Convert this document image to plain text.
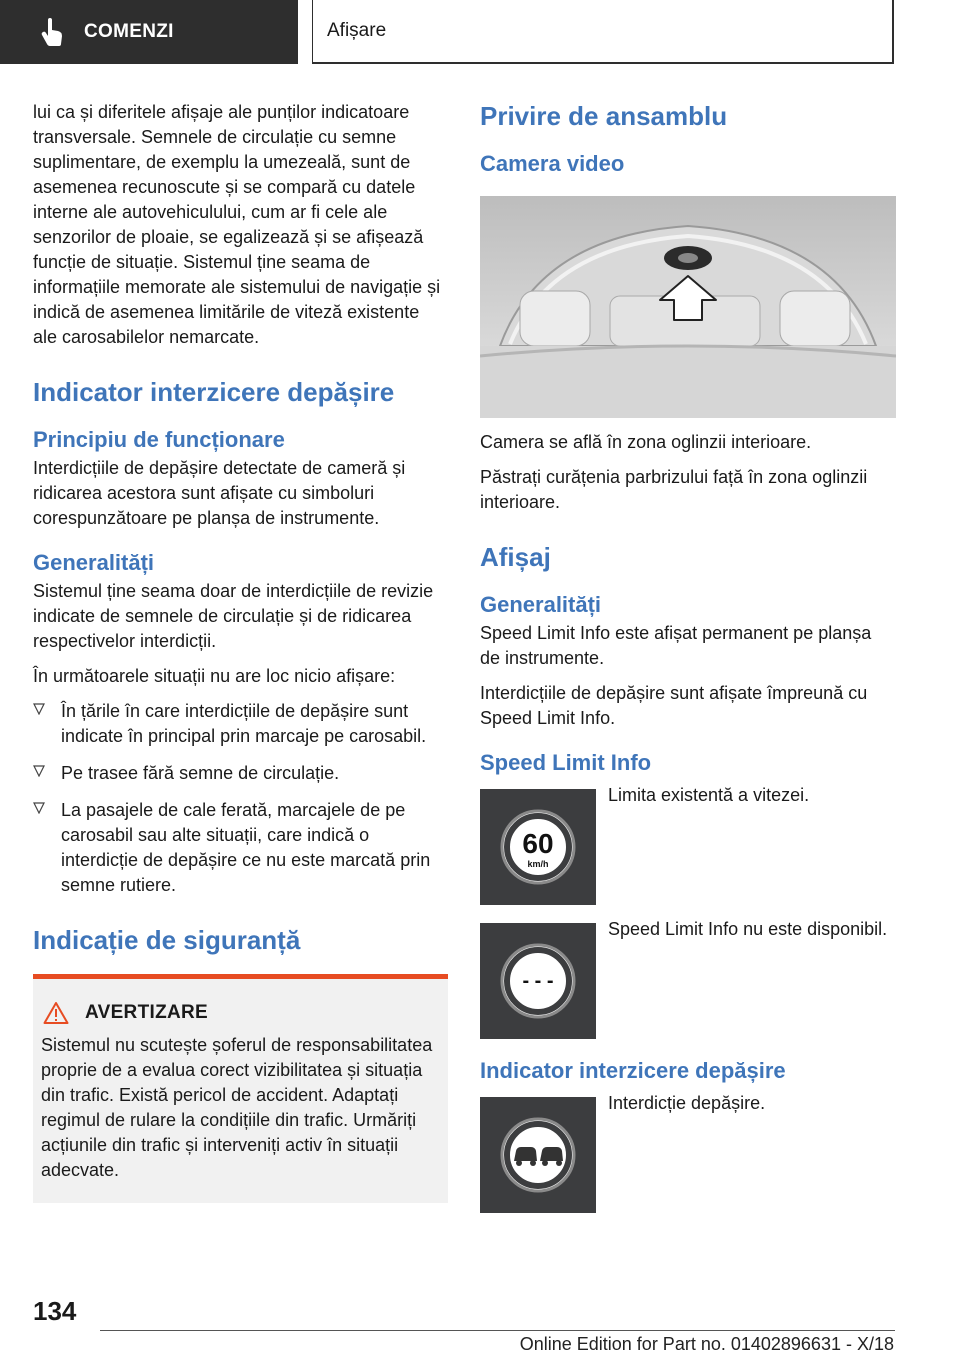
COMENZI	Afișare

lui ca și diferitele afișaje ale punților indicatoare transversale. Semnele de circulație cu semne suplimentare, de exemplu la umezeală, sunt de asemenea recunoscute și se compară cu datele interne ale autovehiculului, cum ar fi cele ale senzorilor de ploaie, se egalizează și se afișează funcție de situație. Sistemul ține seama de informațiile memorate ale sistemului de navigație și indică de asemenea limitările de viteză existente ale carosabilelor nemarcate.

Indicator interzicere depășire
Principiu de funcționare

Interdicțiile de depășire detectate de cameră și ridicarea acestora sunt afișate cu simboluri corespunzătoare pe planșa de instrumente.

Generalități

Sistemul ține seama doar de interdicțiile de revizie indicate de semnele de circulație și de ridicarea respectivelor interdicții.

În următoarele situații nu are loc nicio afișare:

În țările în care interdicțiile de depășire sunt indicate în principal prin marcaje pe carosabil.
Pe trasee fără semne de circulație.
La pasajele de cale ferată, marcajele de pe carosabil sau alte situații, care indică o interdicție de depășire ce nu este marcată prin semne rutiere.
Indicație de siguranță
AVERTIZARE

Sistemul nu scutește șoferul de responsabilitatea proprie de a evalua corect vizibilitatea și situația din trafic. Există pericol de accident. Adaptați regimul de rulare la condițiile din trafic. Urmăriți acțiunile din trafic și interveniți activ în situații adecvate.

Privire de ansamblu
Camera video

Camera se află în zona oglinzii interioare.

Păstrați curățenia parbrizului față în zona oglinzii interioare.

Afișaj
Generalități

Speed Limit Info este afișat permanent pe planșa de instrumente.

Interdicțiile de depășire sunt afișate împreună cu Speed Limit Info.

Speed Limit Info
60
km/h
Limita existentă a vitezei.
- - -
Speed Limit Info nu este disponibil.
Indicator interzicere depășire
Interdicție depășire.
134
Online Edition for Part no. 01402896631 - X/18
